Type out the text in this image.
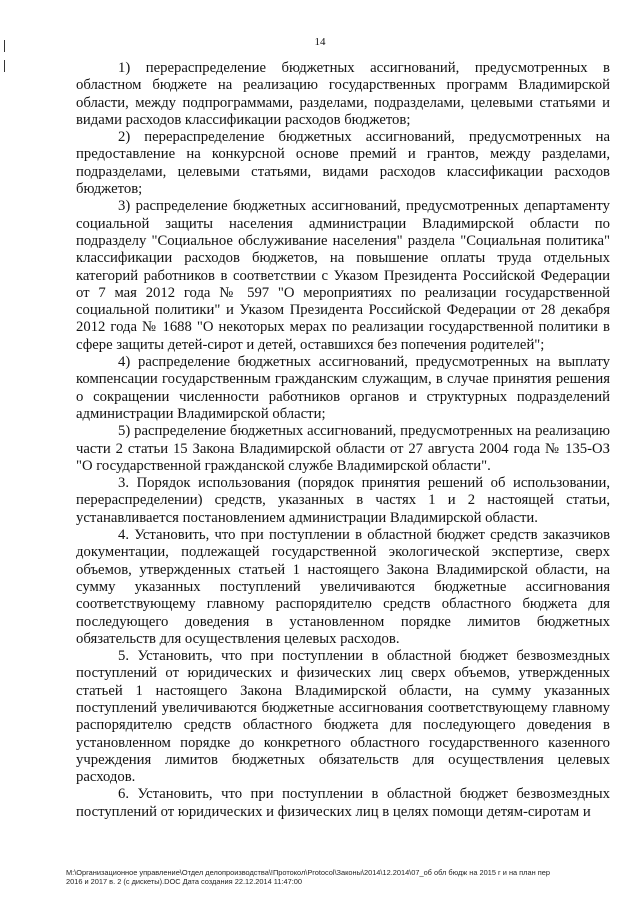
14

1) перераспределение бюджетных ассигнований, предусмотренных в областном бюджете на реализацию государственных программ Владимирской области, между подпрограммами, разделами, подразделами, целевыми статьями и видами расходов классификации расходов бюджетов;

2) перераспределение бюджетных ассигнований, предусмотренных на предоставление на конкурсной основе премий и грантов, между разделами, подразделами, целевыми статьями, видами расходов классификации расходов бюджетов;

3) распределение бюджетных ассигнований, предусмотренных департаменту социальной защиты населения администрации Владимирской области по подразделу "Социальное обслуживание населения" раздела "Социальная политика" классификации расходов бюджетов, на повышение оплаты труда отдельных категорий работников в соответствии с Указом Президента Российской Федерации от 7 мая 2012 года № 597 "О мероприятиях по реализации государственной социальной политики" и Указом Президента Российской Федерации от 28 декабря 2012 года № 1688 "О некоторых мерах по реализации государственной политики в сфере защиты детей-сирот и детей, оставшихся без попечения родителей";

4) распределение бюджетных ассигнований, предусмотренных на выплату компенсации государственным гражданским служащим, в случае принятия решения о сокращении численности работников органов и структурных подразделений администрации Владимирской области;

5) распределение бюджетных ассигнований, предусмотренных на реализацию части 2 статьи 15 Закона Владимирской области от 27 августа 2004 года № 135-ОЗ "О государственной гражданской службе Владимирской области".

3. Порядок использования (порядок принятия решений об использовании, перераспределении) средств, указанных в частях 1 и 2 настоящей статьи, устанавливается постановлением администрации Владимирской области.

4. Установить, что при поступлении в областной бюджет средств заказчиков документации, подлежащей государственной экологической экспертизе, сверх объемов, утвержденных статьей 1 настоящего Закона Владимирской области, на сумму указанных поступлений увеличиваются бюджетные ассигнования соответствующему главному распорядителю средств областного бюджета для последующего доведения в установленном порядке лимитов бюджетных обязательств для осуществления целевых расходов.

5. Установить, что при поступлении в областной бюджет безвозмездных поступлений от юридических и физических лиц сверх объемов, утвержденных статьей 1 настоящего Закона Владимирской области, на сумму указанных поступлений увеличиваются бюджетные ассигнования соответствующему главному распорядителю средств областного бюджета для последующего доведения в установленном порядке до конкретного областного государственного казенного учреждения лимитов бюджетных обязательств для осуществления целевых расходов.

6. Установить, что при поступлении в областной бюджет безвозмездных поступлений от юридических и физических лиц в целях помощи детям-сиротам и

M:\Организационное управление\Отдел делопроизводства\!Протокол\Protocol\Законы\2014\12.2014\07_об обл бюдж на 2015 г и на план пер
2016 и 2017 в. 2 (с дискеты).DOC Дата создания 22.12.2014 11:47:00
